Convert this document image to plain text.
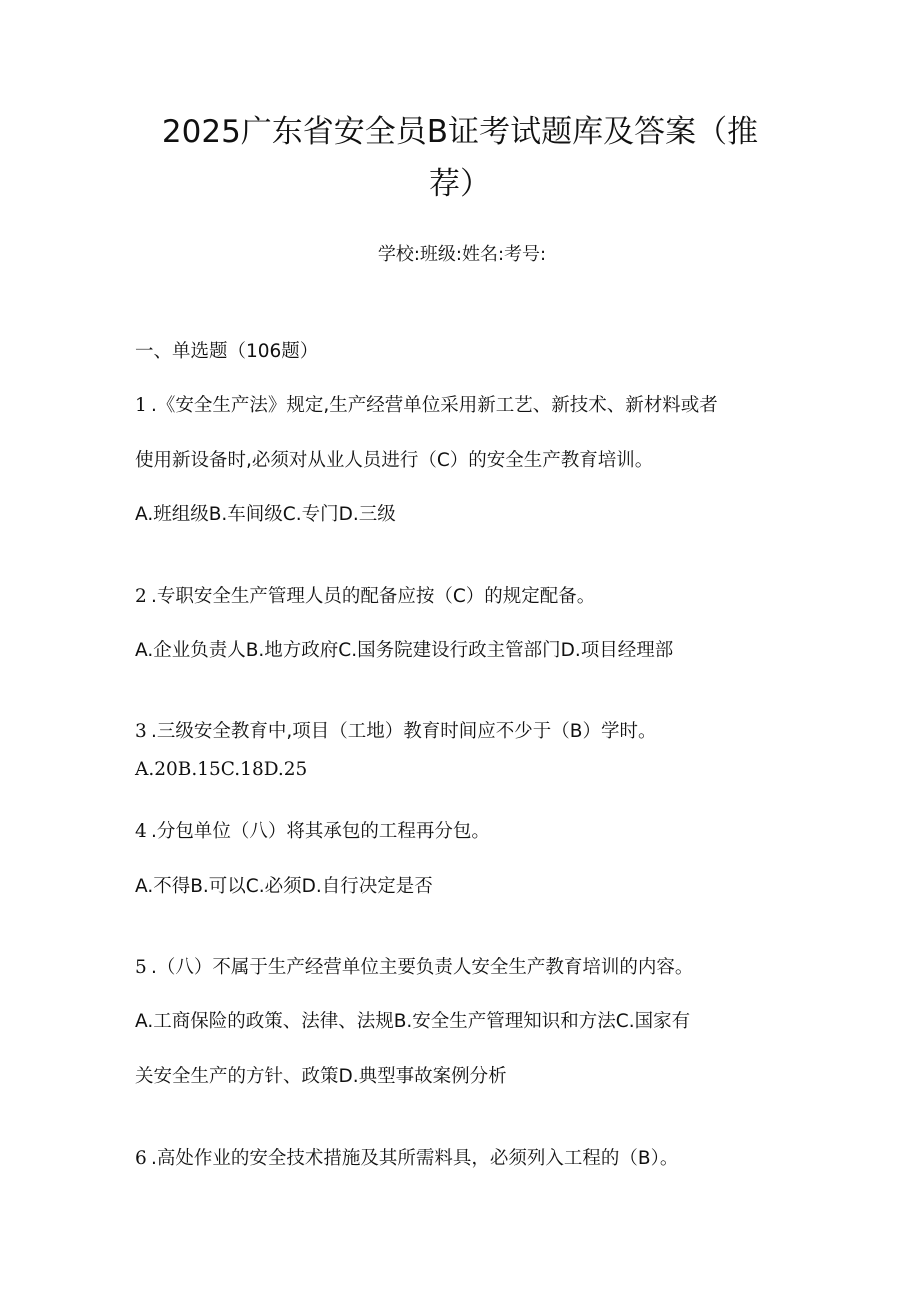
2025广东省安全员B证考试题库及答案（推
荐）
学校:班级:姓名:考号:
一、单选题（106题）
1 .《安全生产法》规定,生产经营单位采用新工艺、新技术、新材料或者
使用新设备时,必须对从业人员进行（C）的安全生产教育培训。
A.班组级B.车间级C.专门D.三级
2 .专职安全生产管理人员的配备应按（C）的规定配备。
A.企业负责人B.地方政府C.国务院建设行政主管部门D.项目经理部
3 .三级安全教育中,项目（工地）教育时间应不少于（B）学时。
A.20B.15C.18D.25
4 .分包单位（八）将其承包的工程再分包。
A.不得B.可以C.必须D.自行决定是否
5 .（八）不属于生产经营单位主要负责人安全生产教育培训的内容。
A.工商保险的政策、法律、法规B.安全生产管理知识和方法C.国家有
关安全生产的方针、政策D.典型事故案例分析
6 .高处作业的安全技术措施及其所需料具，必须列入工程的（B）。
